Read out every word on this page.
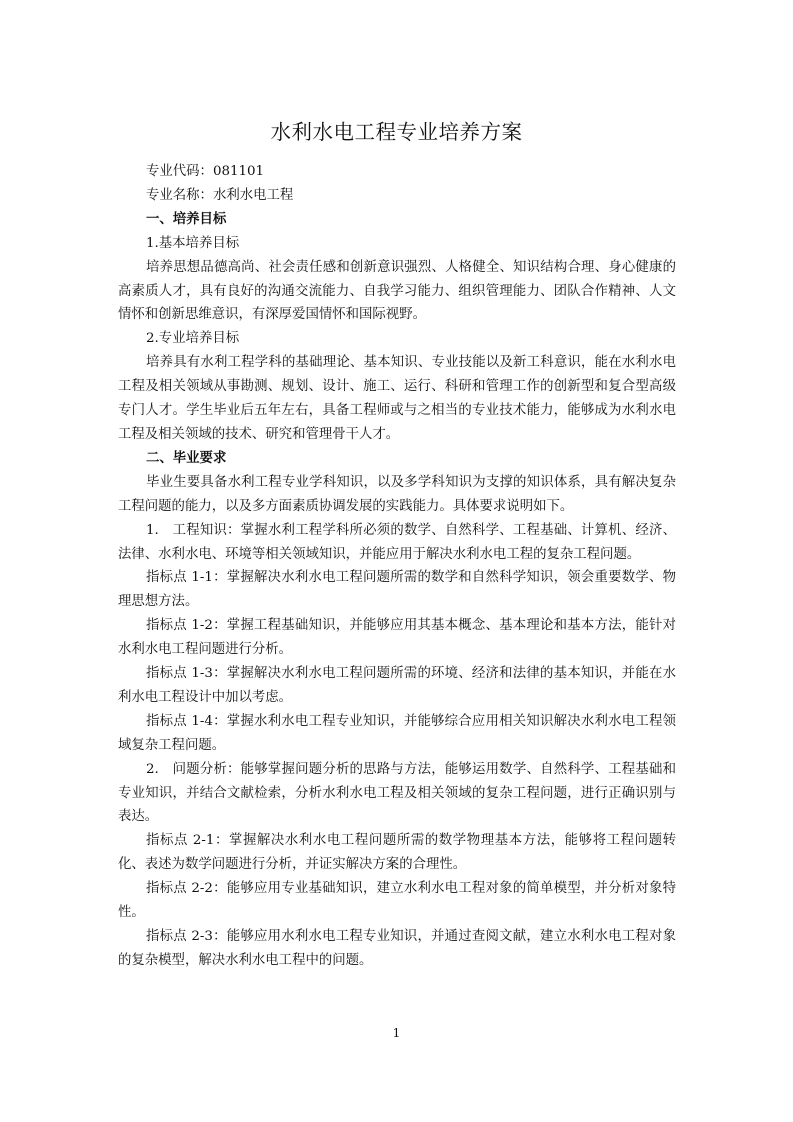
水利水电工程专业培养方案

专业代码：081101

专业名称：水利水电工程

一、培养目标

1.基本培养目标

培养思想品德高尚、社会责任感和创新意识强烈、人格健全、知识结构合理、身心健康的高素质人才，具有良好的沟通交流能力、自我学习能力、组织管理能力、团队合作精神、人文情怀和创新思维意识，有深厚爱国情怀和国际视野。

2.专业培养目标

培养具有水利工程学科的基础理论、基本知识、专业技能以及新工科意识，能在水利水电工程及相关领域从事勘测、规划、设计、施工、运行、科研和管理工作的创新型和复合型高级专门人才。学生毕业后五年左右，具备工程师或与之相当的专业技术能力，能够成为水利水电工程及相关领域的技术、研究和管理骨干人才。

二、毕业要求

毕业生要具备水利工程专业学科知识，以及多学科知识为支撑的知识体系，具有解决复杂工程问题的能力，以及多方面素质协调发展的实践能力。具体要求说明如下。

1.　工程知识：掌握水利工程学科所必须的数学、自然科学、工程基础、计算机、经济、法律、水利水电、环境等相关领域知识，并能应用于解决水利水电工程的复杂工程问题。

指标点 1-1：掌握解决水利水电工程问题所需的数学和自然科学知识，领会重要数学、物理思想方法。

指标点 1-2：掌握工程基础知识，并能够应用其基本概念、基本理论和基本方法，能针对水利水电工程问题进行分析。

指标点 1-3：掌握解决水利水电工程问题所需的环境、经济和法律的基本知识，并能在水利水电工程设计中加以考虑。

指标点 1-4：掌握水利水电工程专业知识，并能够综合应用相关知识解决水利水电工程领域复杂工程问题。

2.　问题分析：能够掌握问题分析的思路与方法，能够运用数学、自然科学、工程基础和专业知识，并结合文献检索，分析水利水电工程及相关领域的复杂工程问题，进行正确识别与表达。

指标点 2-1：掌握解决水利水电工程问题所需的数学物理基本方法，能够将工程问题转化、表述为数学问题进行分析，并证实解决方案的合理性。

指标点 2-2：能够应用专业基础知识，建立水利水电工程对象的简单模型，并分析对象特性。

指标点 2-3：能够应用水利水电工程专业知识，并通过查阅文献，建立水利水电工程对象的复杂模型，解决水利水电工程中的问题。

1
